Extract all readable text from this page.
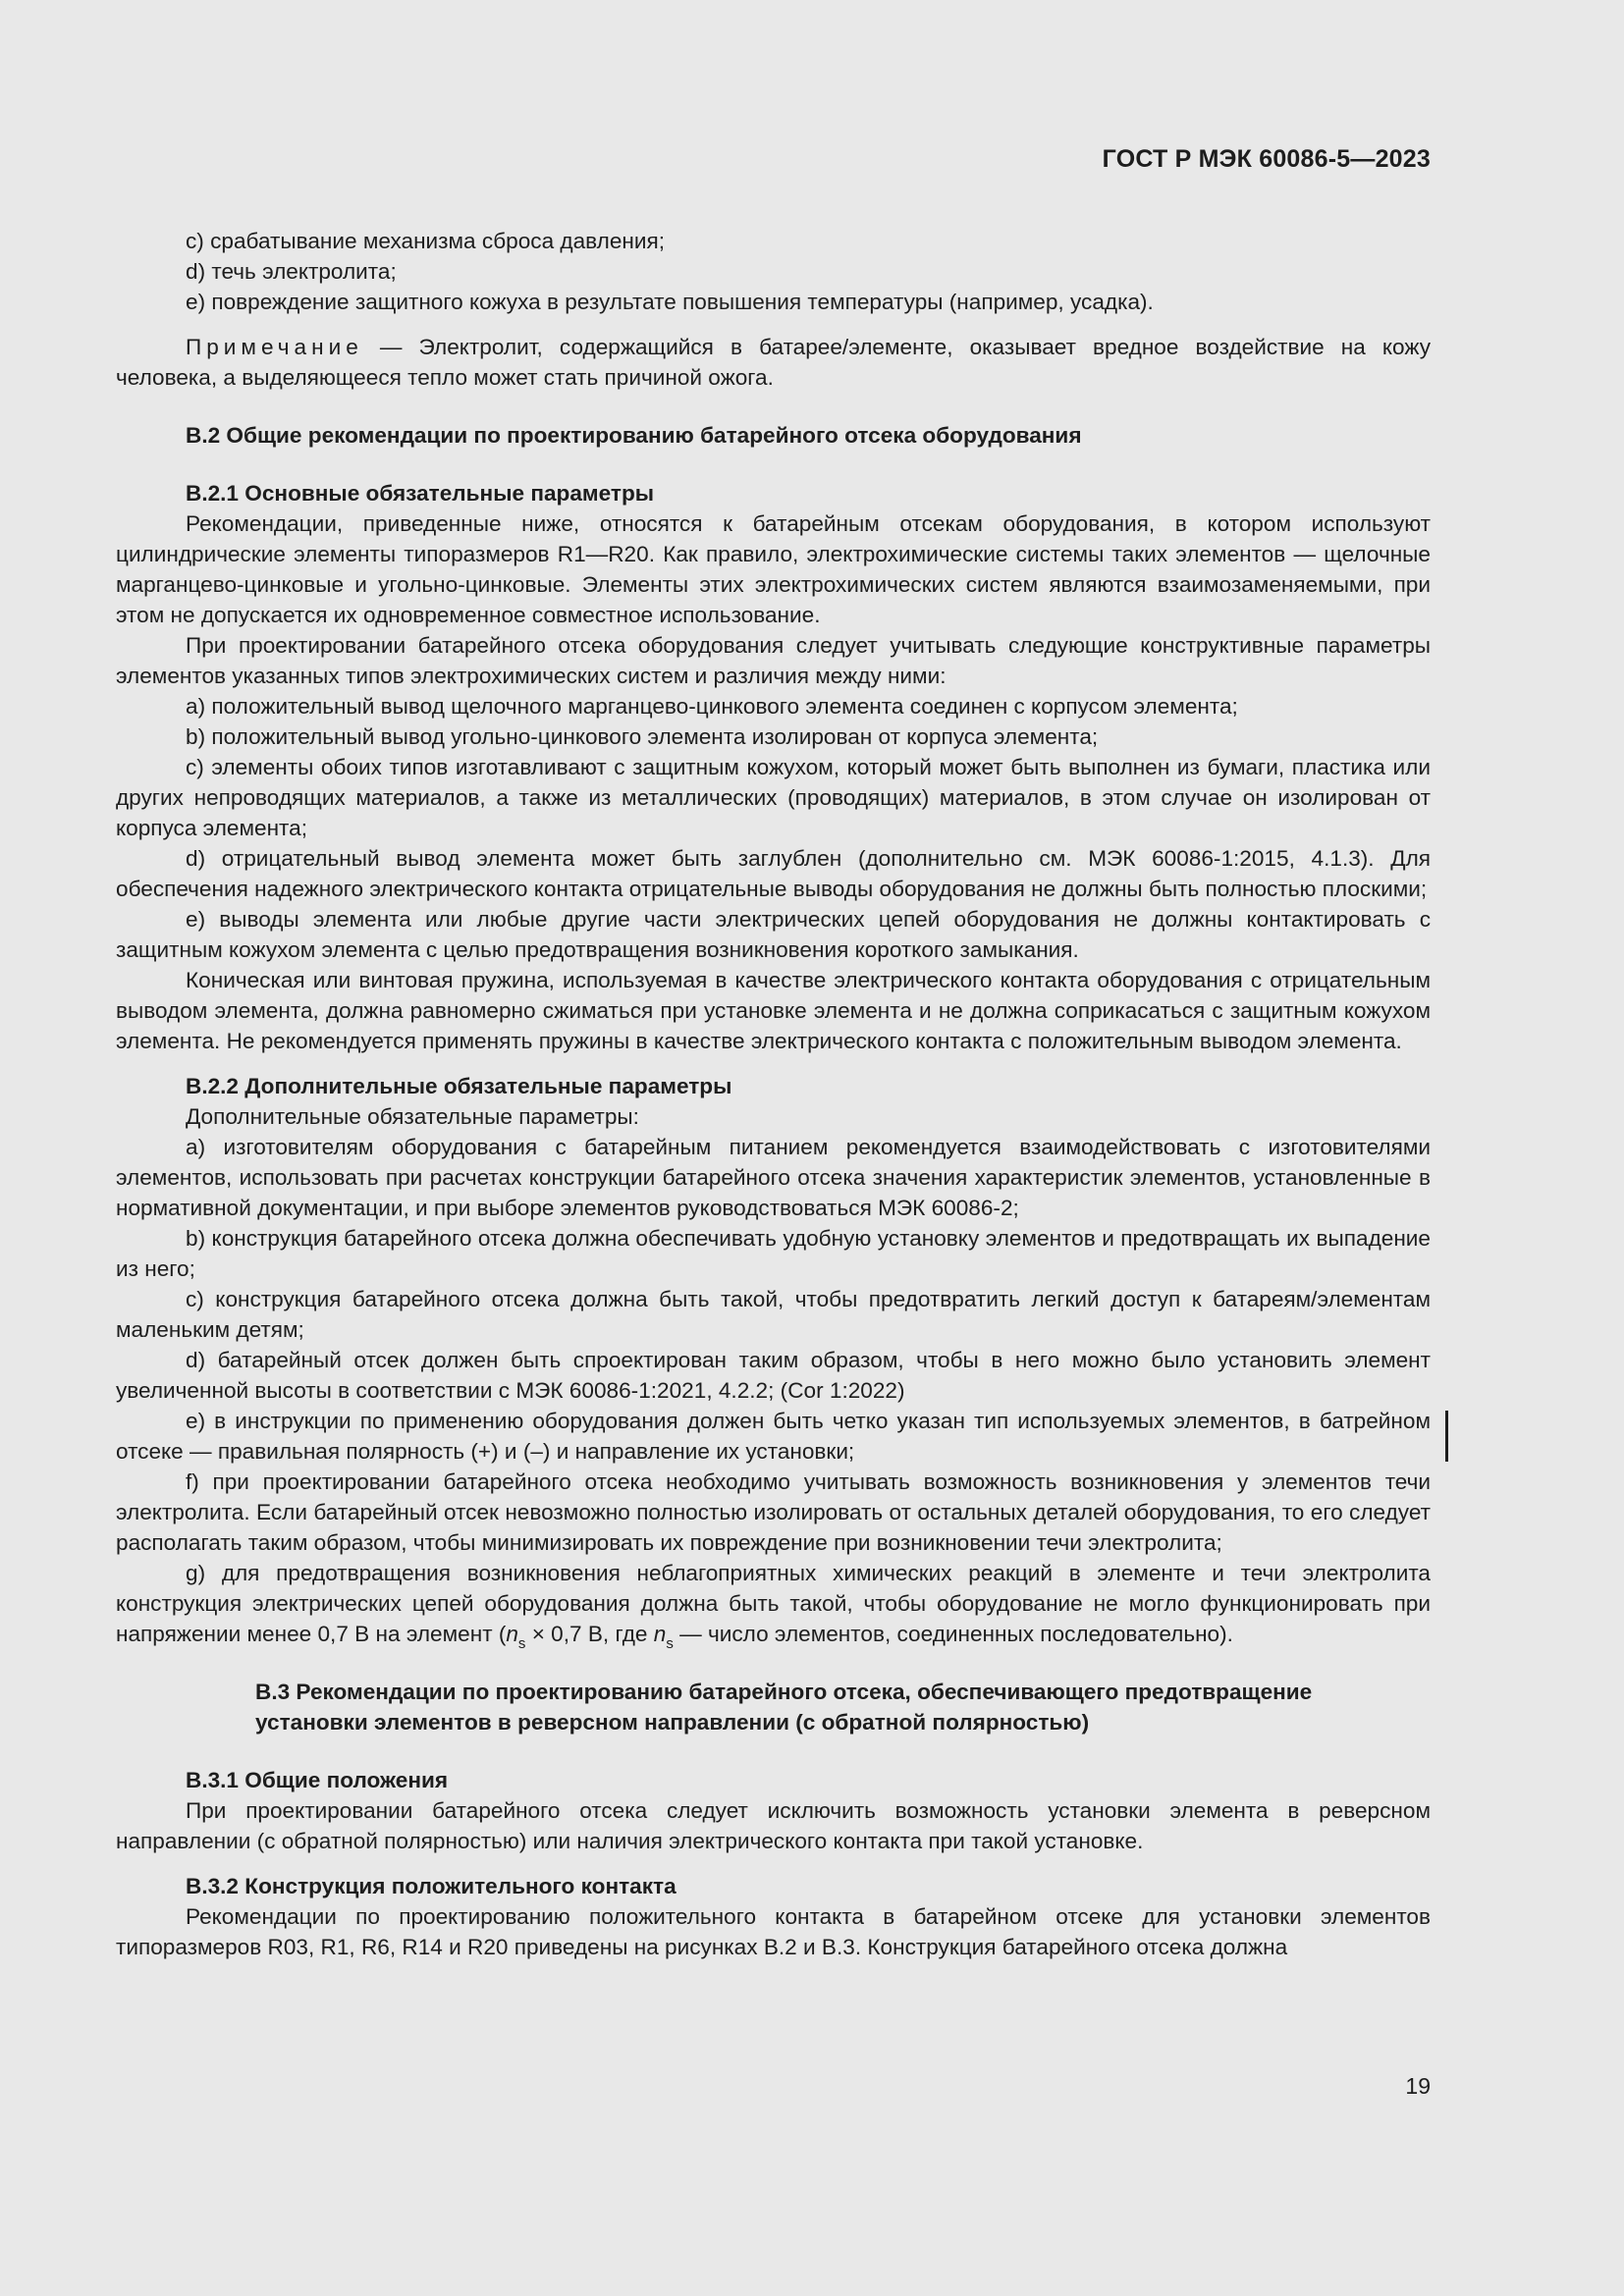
ГОСТ Р МЭК 60086-5—2023

c) срабатывание механизма сброса давления;

d) течь электролита;

e) повреждение защитного кожуха в результате повышения температуры (например, усадка).

Примечание — Электролит, содержащийся в батарее/элементе, оказывает вредное воздействие на кожу человека, а выделяющееся тепло может стать причиной ожога.

B.2 Общие рекомендации по проектированию батарейного отсека оборудования

B.2.1 Основные обязательные параметры

Рекомендации, приведенные ниже, относятся к батарейным отсекам оборудования, в котором используют цилиндрические элементы типоразмеров R1—R20. Как правило, электрохимические системы таких элементов — щелочные марганцево-цинковые и угольно-цинковые. Элементы этих электрохимических систем являются взаимозаменяемыми, при этом не допускается их одновременное совместное использование.

При проектировании батарейного отсека оборудования следует учитывать следующие конструктивные параметры элементов указанных типов электрохимических систем и различия между ними:

a) положительный вывод щелочного марганцево-цинкового элемента соединен с корпусом элемента;

b) положительный вывод угольно-цинкового элемента изолирован от корпуса элемента;

c) элементы обоих типов изготавливают с защитным кожухом, который может быть выполнен из бумаги, пластика или других непроводящих материалов, а также из металлических (проводящих) материалов, в этом случае он изолирован от корпуса элемента;

d) отрицательный вывод элемента может быть заглублен (дополнительно см. МЭК 60086-1:2015, 4.1.3). Для обеспечения надежного электрического контакта отрицательные выводы оборудования не должны быть полностью плоскими;

e) выводы элемента или любые другие части электрических цепей оборудования не должны контактировать с защитным кожухом элемента с целью предотвращения возникновения короткого замыкания.

Коническая или винтовая пружина, используемая в качестве электрического контакта оборудования с отрицательным выводом элемента, должна равномерно сжиматься при установке элемента и не должна соприкасаться с защитным кожухом элемента. Не рекомендуется применять пружины в качестве электрического контакта с положительным выводом элемента.

B.2.2 Дополнительные обязательные параметры

Дополнительные обязательные параметры:

a) изготовителям оборудования с батарейным питанием рекомендуется взаимодействовать с изготовителями элементов, использовать при расчетах конструкции батарейного отсека значения характеристик элементов, установленные в нормативной документации, и при выборе элементов руководствоваться МЭК 60086-2;

b) конструкция батарейного отсека должна обеспечивать удобную установку элементов и предотвращать их выпадение из него;

c) конструкция батарейного отсека должна быть такой, чтобы предотвратить легкий доступ к батареям/элементам маленьким детям;

d) батарейный отсек должен быть спроектирован таким образом, чтобы в него можно было установить элемент увеличенной высоты в соответствии с МЭК 60086-1:2021, 4.2.2; (Cor 1:2022)

e) в инструкции по применению оборудования должен быть четко указан тип используемых элементов, в батрейном отсеке — правильная полярность (+) и (–) и направление их установки;

f) при проектировании батарейного отсека необходимо учитывать возможность возникновения у элементов течи электролита. Если батарейный отсек невозможно полностью изолировать от остальных деталей оборудования, то его следует располагать таким образом, чтобы минимизировать их повреждение при возникновении течи электролита;

g) для предотвращения возникновения неблагоприятных химических реакций в элементе и течи электролита конструкция электрических цепей оборудования должна быть такой, чтобы оборудование не могло функционировать при напряжении менее 0,7 В на элемент ($n_s \times 0,7$ В, где $n_s$ — число элементов, соединенных последовательно).

B.3 Рекомендации по проектированию батарейного отсека, обеспечивающего предотвращение

установки элементов в реверсном направлении (с обратной полярностью)

B.3.1 Общие положения

При проектировании батарейного отсека следует исключить возможность установки элемента в реверсном направлении (с обратной полярностью) или наличия электрического контакта при такой установке.

B.3.2 Конструкция положительного контакта

Рекомендации по проектированию положительного контакта в батарейном отсеке для установки элементов типоразмеров R03, R1, R6, R14 и R20 приведены на рисунках B.2 и B.3. Конструкция батарейного отсека должна

19
